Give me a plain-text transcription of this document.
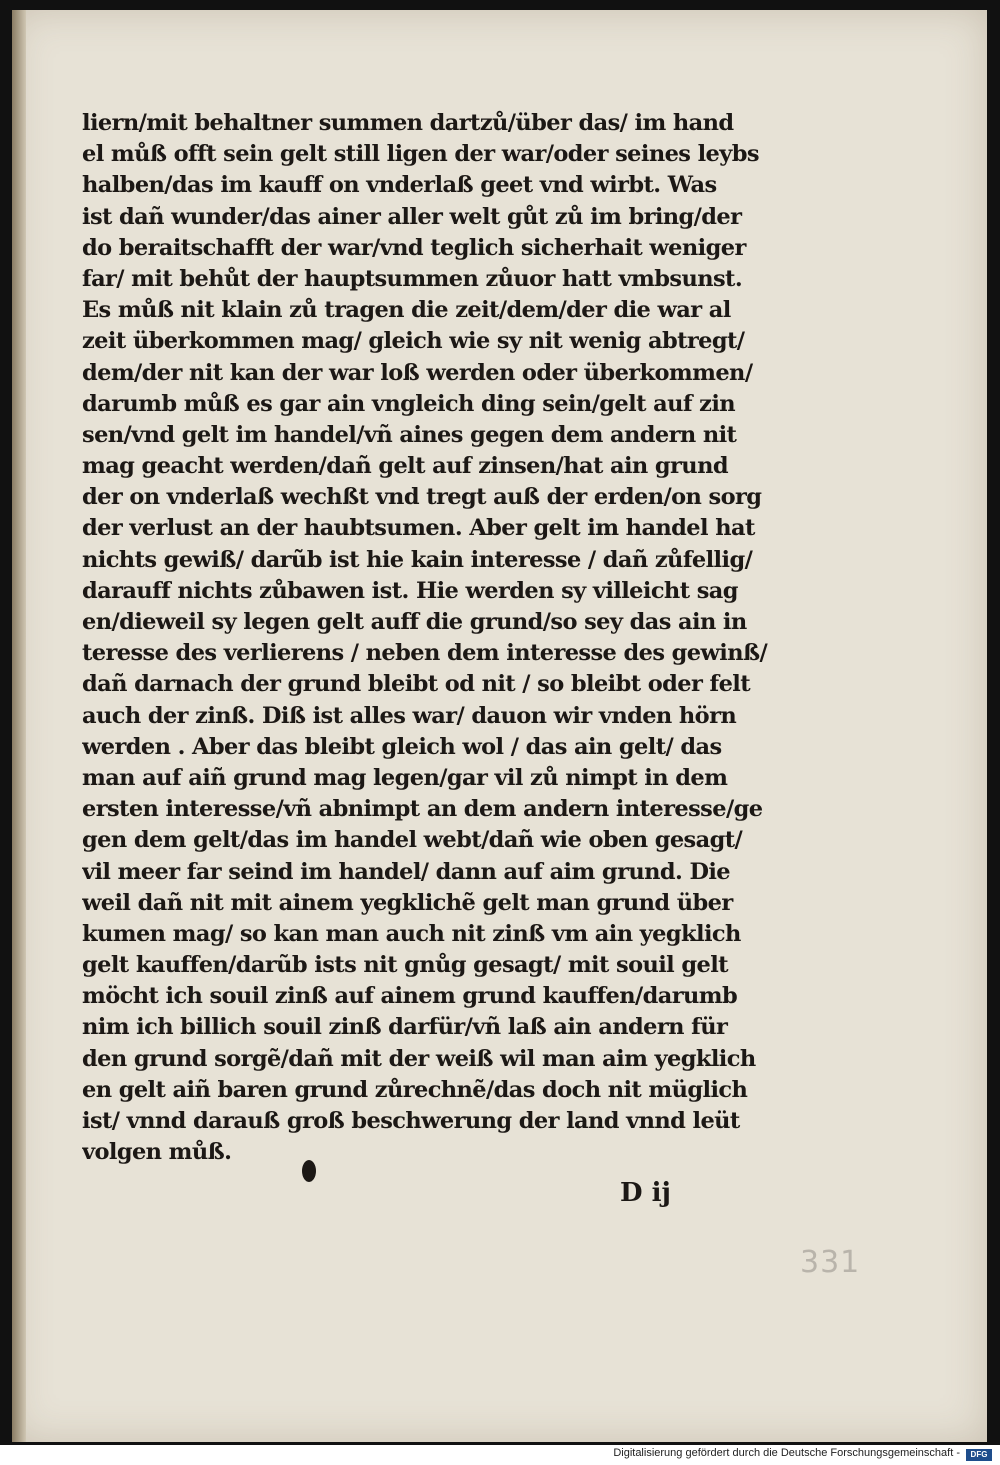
liern/mit behaltner summen dartzů/über das/ im hand
el můß offt sein gelt still ligen der war/oder seines leybs
halben/das im kauff on vnderlaß geet vnd wirbt. Was
ist dañ wunder/das ainer aller welt gůt zů im bring/der
do beraitschafft der war/vnd teglich sicherhait weniger
far/ mit behůt der hauptsummen zůuor hatt vmbsunst.
Es můß nit klain zů tragen die zeit/dem/der die war al
zeit überkommen mag/ gleich wie sy nit wenig abtregt/
dem/der nit kan der war loß werden oder überkommen/
darumb můß es gar ain vngleich ding sein/gelt auf zin
sen/vnd gelt im handel/vñ aines gegen dem andern nit
mag geacht werden/dañ gelt auf zinsen/hat ain grund
der on vnderlaß wechßt vnd tregt auß der erden/on sorg
der verlust an der haubtsumen. Aber gelt im handel hat
nichts gewiß/ darũb ist hie kain interesse / dañ zůfellig/
darauff nichts zůbawen ist. Hie werden sy villeicht sag
en/dieweil sy legen gelt auff die grund/so sey das ain in
teresse des verlierens / neben dem interesse des gewinß/
dañ darnach der grund bleibt od nit / so bleibt oder felt
auch der zinß. Diß ist alles war/ dauon wir vnden hörn
werden . Aber das bleibt gleich wol / das ain gelt/ das
man auf aiñ grund mag legen/gar vil zů nimpt in dem
ersten interesse/vñ abnimpt an dem andern interesse/ge
gen dem gelt/das im handel webt/dañ wie oben gesagt/
vil meer far seind im handel/ dann auf aim grund. Die
weil dañ nit mit ainem yegklichẽ gelt man grund über
kumen mag/ so kan man auch nit zinß vm ain yegklich
gelt kauffen/darũb ists nit gnůg gesagt/ mit souil gelt
möcht ich souil zinß auf ainem grund kauffen/darumb
nim ich billich souil zinß darfür/vñ laß ain andern für
den grund sorgẽ/dañ mit der weiß wil man aim yegklich
en gelt aiñ baren grund zůrechnẽ/das doch nit müglich
ist/ vnnd darauß groß beschwerung der land vnnd leüt
volgen můß.
D ij
331
Digitalisierung gefördert durch die Deutsche Forschungsgemeinschaft -	DFG
